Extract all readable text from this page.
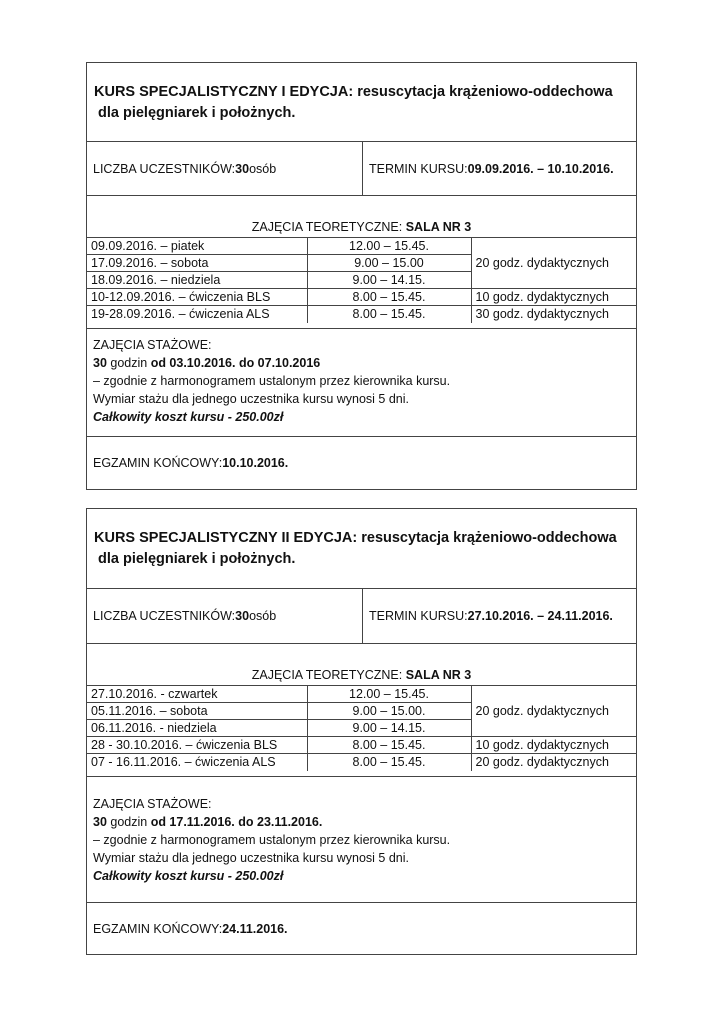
KURS SPECJALISTYCZNY I EDYCJA: resuscytacja krążeniowo-oddechowa
dla pielęgniarek i położnych.
LICZBA UCZESTNIKÓW: 30 osób	TERMIN KURSU: 09.09.2016. – 10.10.2016.
ZAJĘCIA TEORETYCZNE: SALA NR 3
09.09.2016. – piatek	12.00 – 15.45.	20 godz. dydaktycznych
17.09.2016. – sobota	9.00 – 15.00	
18.09.2016. – niedziela	9.00 – 14.15.	
10-12.09.2016. – ćwiczenia BLS	8.00 – 15.45.	10 godz. dydaktycznych
19-28.09.2016. – ćwiczenia ALS	8.00 – 15.45.	30 godz. dydaktycznych
ZAJĘCIA STAŻOWE:
30 godzin od 03.10.2016. do 07.10.2016
– zgodnie z harmonogramem ustalonym przez kierownika kursu.
Wymiar stażu dla jednego uczestnika kursu wynosi 5 dni.
Całkowity koszt kursu - 250.00zł
EGZAMIN KOŃCOWY: 10.10.2016.
KURS SPECJALISTYCZNY II EDYCJA: resuscytacja krążeniowo-oddechowa
dla pielęgniarek i położnych.
LICZBA UCZESTNIKÓW: 30 osób	TERMIN KURSU: 27.10.2016. – 24.11.2016.
ZAJĘCIA TEORETYCZNE: SALA NR 3
27.10.2016. - czwartek	12.00 – 15.45.	20 godz. dydaktycznych
05.11.2016. – sobota	9.00 – 15.00.	
06.11.2016. - niedziela	9.00 – 14.15.	
28 - 30.10.2016. – ćwiczenia BLS	8.00 – 15.45.	10 godz. dydaktycznych
07 - 16.11.2016. – ćwiczenia ALS	8.00 – 15.45.	20 godz. dydaktycznych
ZAJĘCIA STAŻOWE:
30 godzin od 17.11.2016. do 23.11.2016.
– zgodnie z harmonogramem ustalonym przez kierownika kursu.
Wymiar stażu dla jednego uczestnika kursu wynosi 5 dni.
Całkowity koszt kursu - 250.00zł
EGZAMIN KOŃCOWY: 24.11.2016.
